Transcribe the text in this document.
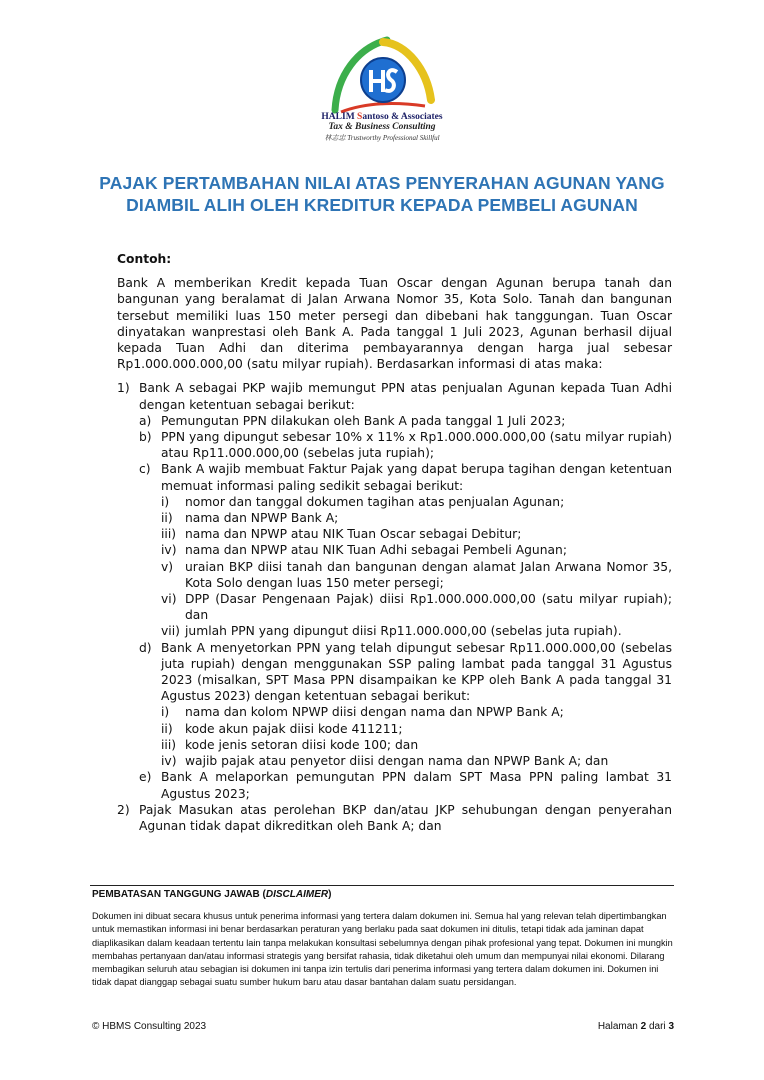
HALIM Santoso & Associates
Tax & Business Consulting
林志忠 Trustworthy Professional Skillful
PAJAK PERTAMBAHAN NILAI ATAS PENYERAHAN AGUNAN YANG DIAMBIL ALIH OLEH KREDITUR KEPADA PEMBELI AGUNAN
Contoh:
Bank A memberikan Kredit kepada Tuan Oscar dengan Agunan berupa tanah dan bangunan yang beralamat di Jalan Arwana Nomor 35, Kota Solo. Tanah dan bangunan tersebut memiliki luas 150 meter persegi dan dibebani hak tanggungan. Tuan Oscar dinyatakan wanprestasi oleh Bank A. Pada tanggal 1 Juli 2023, Agunan berhasil dijual kepada Tuan Adhi dan diterima pembayarannya dengan harga jual sebesar Rp1.000.000.000,00 (satu milyar rupiah). Berdasarkan informasi di atas maka:
1) Bank A sebagai PKP wajib memungut PPN atas penjualan Agunan kepada Tuan Adhi dengan ketentuan sebagai berikut:
a) Pemungutan PPN dilakukan oleh Bank A pada tanggal 1 Juli 2023;
b) PPN yang dipungut sebesar 10% x 11% x Rp1.000.000.000,00 (satu milyar rupiah) atau Rp11.000.000,00 (sebelas juta rupiah);
c) Bank A wajib membuat Faktur Pajak yang dapat berupa tagihan dengan ketentuan memuat informasi paling sedikit sebagai berikut:
i) nomor dan tanggal dokumen tagihan atas penjualan Agunan;
ii) nama dan NPWP Bank A;
iii) nama dan NPWP atau NIK Tuan Oscar sebagai Debitur;
iv) nama dan NPWP atau NIK Tuan Adhi sebagai Pembeli Agunan;
v) uraian BKP diisi tanah dan bangunan dengan alamat Jalan Arwana Nomor 35, Kota Solo dengan luas 150 meter persegi;
vi) DPP (Dasar Pengenaan Pajak) diisi Rp1.000.000.000,00 (satu milyar rupiah); dan
vii) jumlah PPN yang dipungut diisi Rp11.000.000,00 (sebelas juta rupiah).
d) Bank A menyetorkan PPN yang telah dipungut sebesar Rp11.000.000,00 (sebelas juta rupiah) dengan menggunakan SSP paling lambat pada tanggal 31 Agustus 2023 (misalkan, SPT Masa PPN disampaikan ke KPP oleh Bank A pada tanggal 31 Agustus 2023) dengan ketentuan sebagai berikut:
i) nama dan kolom NPWP diisi dengan nama dan NPWP Bank A;
ii) kode akun pajak diisi kode 411211;
iii) kode jenis setoran diisi kode 100; dan
iv) wajib pajak atau penyetor diisi dengan nama dan NPWP Bank A; dan
e) Bank A melaporkan pemungutan PPN dalam SPT Masa PPN paling lambat 31 Agustus 2023;
2) Pajak Masukan atas perolehan BKP dan/atau JKP sehubungan dengan penyerahan Agunan tidak dapat dikreditkan oleh Bank A; dan
PEMBATASAN TANGGUNG JAWAB (DISCLAIMER)

Dokumen ini dibuat secara khusus untuk penerima informasi yang tertera dalam dokumen ini. Semua hal yang relevan telah dipertimbangkan untuk memastikan informasi ini benar berdasarkan peraturan yang berlaku pada saat dokumen ini ditulis, tetapi tidak ada jaminan dapat diaplikasikan dalam keadaan tertentu lain tanpa melakukan konsultasi sebelumnya dengan pihak profesional yang tepat. Dokumen ini mungkin membahas pertanyaan dan/atau informasi strategis yang bersifat rahasia, tidak diketahui oleh umum dan mempunyai nilai ekonomi. Dilarang membagikan seluruh atau sebagian isi dokumen ini tanpa izin tertulis dari penerima informasi yang tertera dalam dokumen ini. Dokumen ini tidak dapat dianggap sebagai suatu sumber hukum baru atau dasar bantahan dalam suatu persidangan.

© HBMS Consulting 2023	Halaman 2 dari 3
